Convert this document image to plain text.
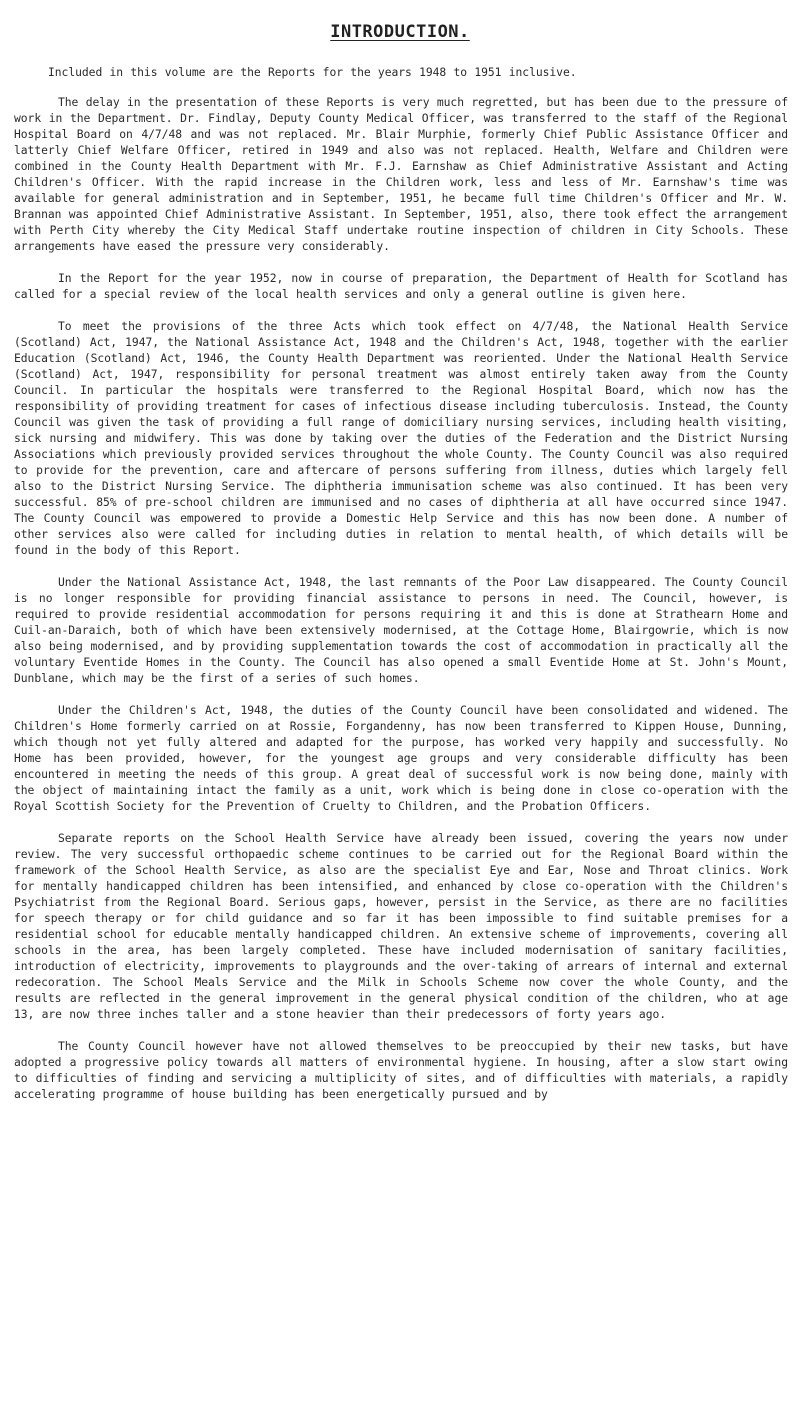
INTRODUCTION.

Included in this volume are the Reports for the years 1948 to 1951 inclusive.

The delay in the presentation of these Reports is very much regretted, but has been due to the pressure of work in the Department. Dr. Findlay, Deputy County Medical Officer, was transferred to the staff of the Regional Hospital Board on 4/7/48 and was not replaced. Mr. Blair Murphie, formerly Chief Public Assistance Officer and latterly Chief Welfare Officer, retired in 1949 and also was not replaced. Health, Welfare and Children were combined in the County Health Department with Mr. F.J. Earnshaw as Chief Administrative Assistant and Acting Children's Officer. With the rapid increase in the Children work, less and less of Mr. Earnshaw's time was available for general administration and in September, 1951, he became full time Children's Officer and Mr. W. Brannan was appointed Chief Administrative Assistant. In September, 1951, also, there took effect the arrangement with Perth City whereby the City Medical Staff undertake routine inspection of children in City Schools. These arrangements have eased the pressure very considerably.

In the Report for the year 1952, now in course of preparation, the Department of Health for Scotland has called for a special review of the local health services and only a general outline is given here.

To meet the provisions of the three Acts which took effect on 4/7/48, the National Health Service (Scotland) Act, 1947, the National Assistance Act, 1948 and the Children's Act, 1948, together with the earlier Education (Scotland) Act, 1946, the County Health Department was reoriented. Under the National Health Service (Scotland) Act, 1947, responsibility for personal treatment was almost entirely taken away from the County Council. In particular the hospitals were transferred to the Regional Hospital Board, which now has the responsibility of providing treatment for cases of infectious disease including tuberculosis. Instead, the County Council was given the task of providing a full range of domiciliary nursing services, including health visiting, sick nursing and midwifery. This was done by taking over the duties of the Federation and the District Nursing Associations which previously provided services throughout the whole County. The County Council was also required to provide for the prevention, care and aftercare of persons suffering from illness, duties which largely fell also to the District Nursing Service. The diphtheria immunisation scheme was also continued. It has been very successful. 85% of pre-school children are immunised and no cases of diphtheria at all have occurred since 1947. The County Council was empowered to provide a Domestic Help Service and this has now been done. A number of other services also were called for including duties in relation to mental health, of which details will be found in the body of this Report.

Under the National Assistance Act, 1948, the last remnants of the Poor Law disappeared. The County Council is no longer responsible for providing financial assistance to persons in need. The Council, however, is required to provide residential accommodation for persons requiring it and this is done at Strathearn Home and Cuil-an-Daraich, both of which have been extensively modernised, at the Cottage Home, Blairgowrie, which is now also being modernised, and by providing supplementation towards the cost of accommodation in practically all the voluntary Eventide Homes in the County. The Council has also opened a small Eventide Home at St. John's Mount, Dunblane, which may be the first of a series of such homes.

Under the Children's Act, 1948, the duties of the County Council have been consolidated and widened. The Children's Home formerly carried on at Rossie, Forgandenny, has now been transferred to Kippen House, Dunning, which though not yet fully altered and adapted for the purpose, has worked very happily and successfully. No Home has been provided, however, for the youngest age groups and very considerable difficulty has been encountered in meeting the needs of this group. A great deal of successful work is now being done, mainly with the object of maintaining intact the family as a unit, work which is being done in close co-operation with the Royal Scottish Society for the Prevention of Cruelty to Children, and the Probation Officers.

Separate reports on the School Health Service have already been issued, covering the years now under review. The very successful orthopaedic scheme continues to be carried out for the Regional Board within the framework of the School Health Service, as also are the specialist Eye and Ear, Nose and Throat clinics. Work for mentally handicapped children has been intensified, and enhanced by close co-operation with the Children's Psychiatrist from the Regional Board. Serious gaps, however, persist in the Service, as there are no facilities for speech therapy or for child guidance and so far it has been impossible to find suitable premises for a residential school for educable mentally handicapped children. An extensive scheme of improvements, covering all schools in the area, has been largely completed. These have included modernisation of sanitary facilities, introduction of electricity, improvements to playgrounds and the over-taking of arrears of internal and external redecoration. The School Meals Service and the Milk in Schools Scheme now cover the whole County, and the results are reflected in the general improvement in the general physical condition of the children, who at age 13, are now three inches taller and a stone heavier than their predecessors of forty years ago.

The County Council however have not allowed themselves to be preoccupied by their new tasks, but have adopted a progressive policy towards all matters of environmental hygiene. In housing, after a slow start owing to difficulties of finding and servicing a multiplicity of sites, and of difficulties with materials, a rapidly accelerating programme of house building has been energetically pursued and by
